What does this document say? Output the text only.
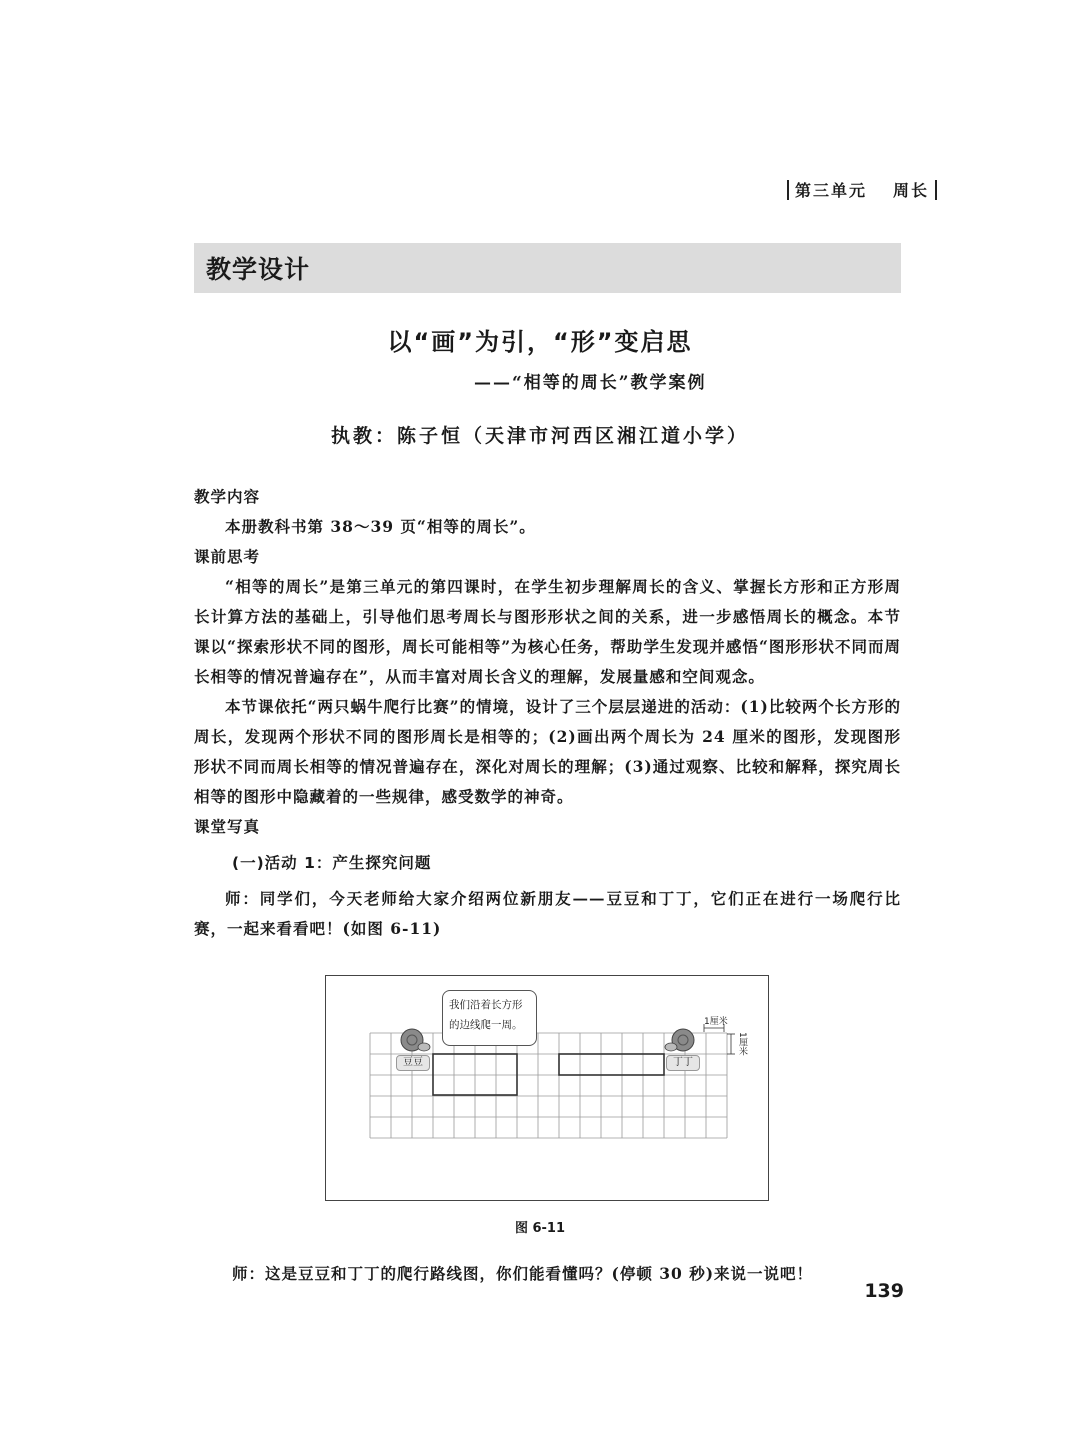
第三单元 周长
教学设计
以“画”为引，“形”变启思
——“相等的周长”教学案例
执教：陈子恒（天津市河西区湘江道小学）
教学内容

本册教科书第 38～39 页“相等的周长”。

课前思考

“相等的周长”是第三单元的第四课时，在学生初步理解周长的含义、掌握长方形和正方形周长计算方法的基础上，引导他们思考周长与图形形状之间的关系，进一步感悟周长的概念。本节课以“探索形状不同的图形，周长可能相等”为核心任务，帮助学生发现并感悟“图形形状不同而周长相等的情况普遍存在”，从而丰富对周长含义的理解，发展量感和空间观念。

本节课依托“两只蜗牛爬行比赛”的情境，设计了三个层层递进的活动：(1)比较两个长方形的周长，发现两个形状不同的图形周长是相等的；(2)画出两个周长为 24 厘米的图形，发现图形形状不同而周长相等的情况普遍存在，深化对周长的理解；(3)通过观察、比较和解释，探究周长相等的图形中隐藏着的一些规律，感受数学的神奇。

课堂写真
(一)活动 1：产生探究问题

师：同学们，今天老师给大家介绍两位新朋友——豆豆和丁丁，它们正在进行一场爬行比赛，一起来看看吧！(如图 6-11)

我们沿着长方形的边线爬一周。
豆豆	丁丁
1厘米
1厘米
图 6-11
师：这是豆豆和丁丁的爬行路线图，你们能看懂吗？(停顿 30 秒)来说一说吧！
139
